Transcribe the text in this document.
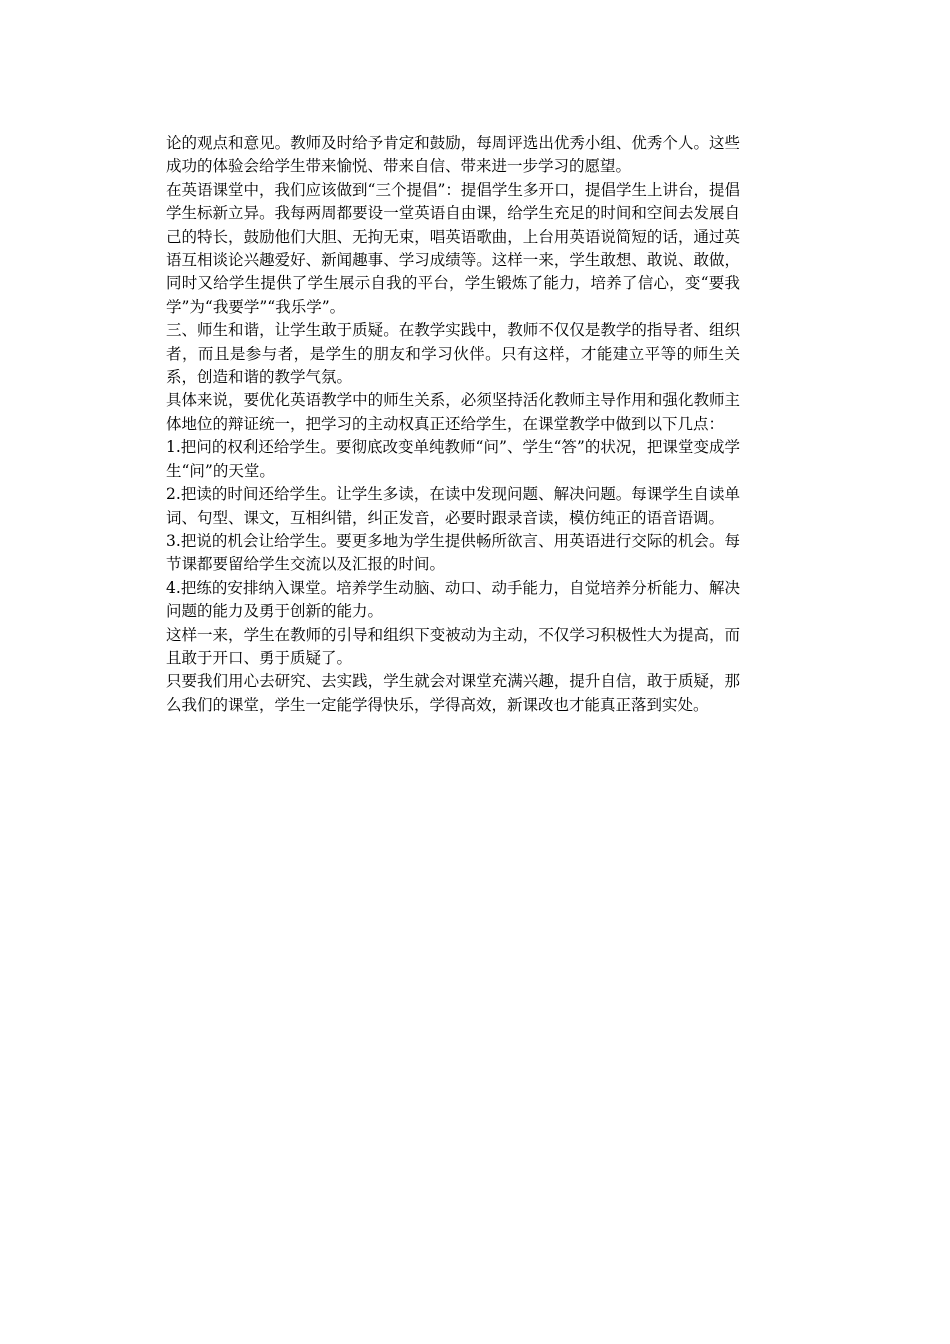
论的观点和意见。教师及时给予肯定和鼓励，每周评选出优秀小组、优秀个人。这些成功的体验会给学生带来愉悦、带来自信、带来进一步学习的愿望。

在英语课堂中，我们应该做到“三个提倡”：提倡学生多开口，提倡学生上讲台，提倡学生标新立异。我每两周都要设一堂英语自由课，给学生充足的时间和空间去发展自己的特长，鼓励他们大胆、无拘无束，唱英语歌曲，上台用英语说简短的话，通过英语互相谈论兴趣爱好、新闻趣事、学习成绩等。这样一来，学生敢想、敢说、敢做，同时又给学生提供了学生展示自我的平台，学生锻炼了能力，培养了信心，变“要我学”为“我要学”“我乐学”。

三、师生和谐，让学生敢于质疑。在教学实践中，教师不仅仅是教学的指导者、组织者，而且是参与者，是学生的朋友和学习伙伴。只有这样，才能建立平等的师生关系，创造和谐的教学气氛。

具体来说，要优化英语教学中的师生关系，必须坚持活化教师主导作用和强化教师主体地位的辩证统一，把学习的主动权真正还给学生，在课堂教学中做到以下几点：

1.把问的权利还给学生。要彻底改变单纯教师“问”、学生“答”的状况，把课堂变成学生“问”的天堂。

2.把读的时间还给学生。让学生多读，在读中发现问题、解决问题。每课学生自读单词、句型、课文，互相纠错，纠正发音，必要时跟录音读，模仿纯正的语音语调。

3.把说的机会让给学生。要更多地为学生提供畅所欲言、用英语进行交际的机会。每节课都要留给学生交流以及汇报的时间。

4.把练的安排纳入课堂。培养学生动脑、动口、动手能力，自觉培养分析能力、解决问题的能力及勇于创新的能力。

这样一来，学生在教师的引导和组织下变被动为主动，不仅学习积极性大为提高，而且敢于开口、勇于质疑了。

只要我们用心去研究、去实践，学生就会对课堂充满兴趣，提升自信，敢于质疑，那么我们的课堂，学生一定能学得快乐，学得高效，新课改也才能真正落到实处。
